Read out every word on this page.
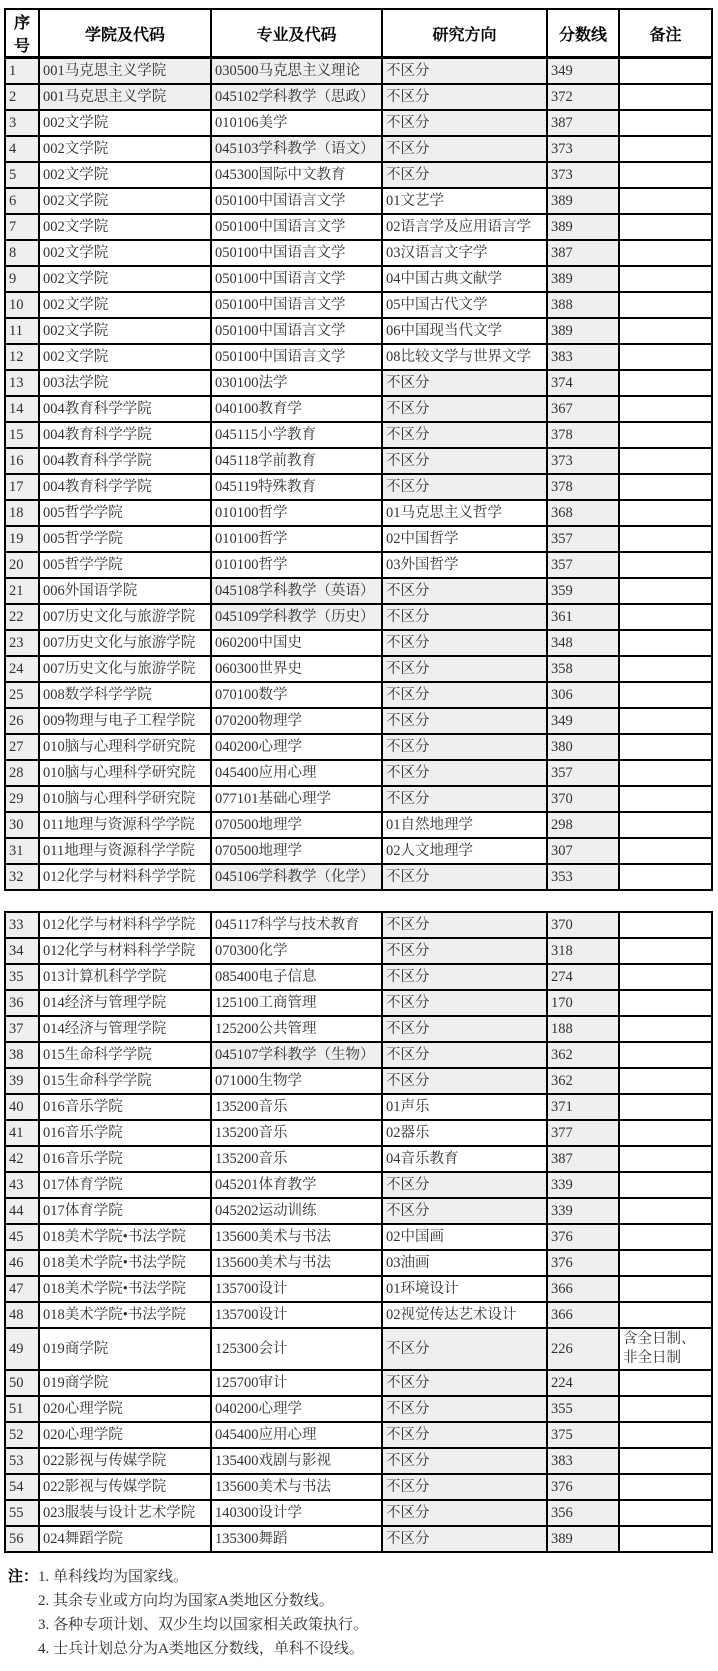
序号	学院及代码	专业及代码	研究方向	分数线	备注
1	001马克思主义学院	030500马克思主义理论	不区分	349	
2	001马克思主义学院	045102学科教学（思政）	不区分	372	
3	002文学院	010106美学	不区分	387	
4	002文学院	045103学科教学（语文）	不区分	373	
5	002文学院	045300国际中文教育	不区分	373	
6	002文学院	050100中国语言文学	01文艺学	389	
7	002文学院	050100中国语言文学	02语言学及应用语言学	389	
8	002文学院	050100中国语言文学	03汉语言文字学	387	
9	002文学院	050100中国语言文学	04中国古典文献学	389	
10	002文学院	050100中国语言文学	05中国古代文学	388	
11	002文学院	050100中国语言文学	06中国现当代文学	389	
12	002文学院	050100中国语言文学	08比较文学与世界文学	383	
13	003法学院	030100法学	不区分	374	
14	004教育科学学院	040100教育学	不区分	367	
15	004教育科学学院	045115小学教育	不区分	378	
16	004教育科学学院	045118学前教育	不区分	373	
17	004教育科学学院	045119特殊教育	不区分	378	
18	005哲学学院	010100哲学	01马克思主义哲学	368	
19	005哲学学院	010100哲学	02中国哲学	357	
20	005哲学学院	010100哲学	03外国哲学	357	
21	006外国语学院	045108学科教学（英语）	不区分	359	
22	007历史文化与旅游学院	045109学科教学（历史）	不区分	361	
23	007历史文化与旅游学院	060200中国史	不区分	348	
24	007历史文化与旅游学院	060300世界史	不区分	358	
25	008数学科学学院	070100数学	不区分	306	
26	009物理与电子工程学院	070200物理学	不区分	349	
27	010脑与心理科学研究院	040200心理学	不区分	380	
28	010脑与心理科学研究院	045400应用心理	不区分	357	
29	010脑与心理科学研究院	077101基础心理学	不区分	370	
30	011地理与资源科学学院	070500地理学	01自然地理学	298	
31	011地理与资源科学学院	070500地理学	02人文地理学	307	
32	012化学与材料科学学院	045106学科教学（化学）	不区分	353	
33	012化学与材料科学学院	045117科学与技术教育	不区分	370	
34	012化学与材料科学学院	070300化学	不区分	318	
35	013计算机科学学院	085400电子信息	不区分	274	
36	014经济与管理学院	125100工商管理	不区分	170	
37	014经济与管理学院	125200公共管理	不区分	188	
38	015生命科学学院	045107学科教学（生物）	不区分	362	
39	015生命科学学院	071000生物学	不区分	362	
40	016音乐学院	135200音乐	01声乐	371	
41	016音乐学院	135200音乐	02器乐	377	
42	016音乐学院	135200音乐	04音乐教育	387	
43	017体育学院	045201体育教学	不区分	339	
44	017体育学院	045202运动训练	不区分	339	
45	018美术学院•书法学院	135600美术与书法	02中国画	376	
46	018美术学院•书法学院	135600美术与书法	03油画	376	
47	018美术学院•书法学院	135700设计	01环境设计	366	
48	018美术学院•书法学院	135700设计	02视觉传达艺术设计	366	
49	019商学院	125300会计	不区分	226	含全日制、非全日制
50	019商学院	125700审计	不区分	224	
51	020心理学院	040200心理学	不区分	355	
52	020心理学院	045400应用心理	不区分	375	
53	022影视与传媒学院	135400戏剧与影视	不区分	383	
54	022影视与传媒学院	135600美术与书法	不区分	376	
55	023服装与设计艺术学院	140300设计学	不区分	356	
56	024舞蹈学院	135300舞蹈	不区分	389	
注： 1. 单科线均为国家线。
2. 其余专业或方向均为国家A类地区分数线。
3. 各种专项计划、双少生均以国家相关政策执行。
4. 士兵计划总分为A类地区分数线，单科不设线。
